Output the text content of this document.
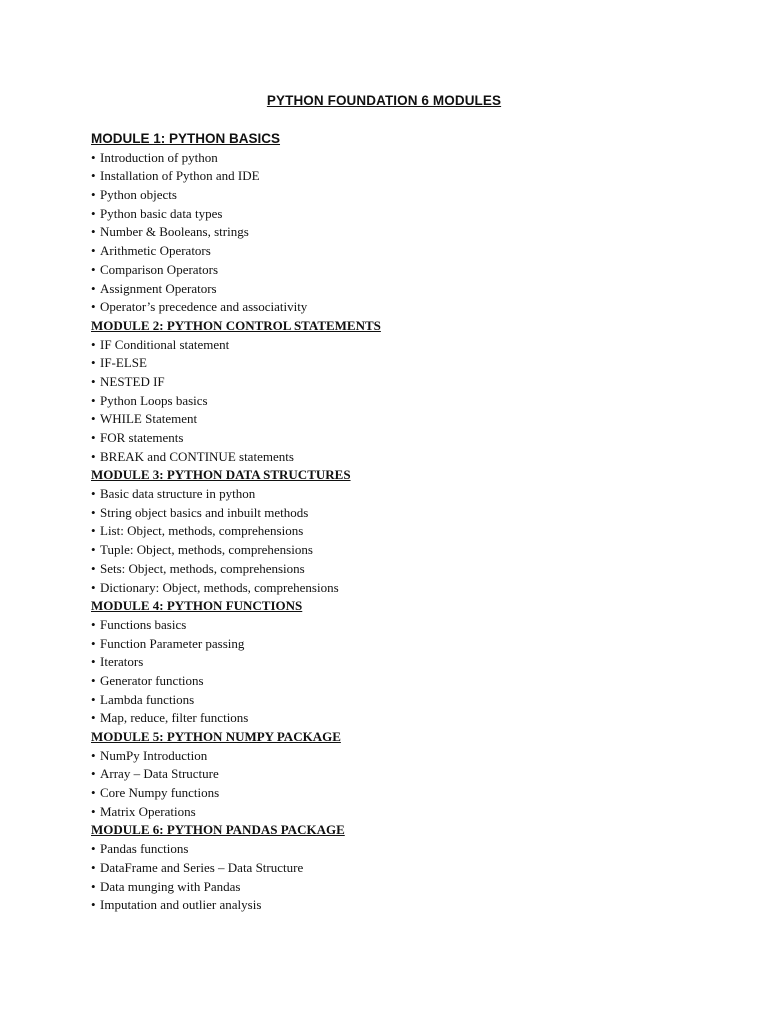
PYTHON FOUNDATION 6 MODULES
MODULE 1: PYTHON BASICS
• Introduction of python
• Installation of Python and IDE
• Python objects
• Python basic data types
• Number & Booleans, strings
• Arithmetic Operators
• Comparison Operators
• Assignment Operators
• Operator’s precedence and associativity
MODULE 2: PYTHON CONTROL STATEMENTS
• IF Conditional statement
• IF-ELSE
• NESTED IF
• Python Loops basics
• WHILE Statement
• FOR statements
• BREAK and CONTINUE statements
MODULE 3: PYTHON DATA STRUCTURES
• Basic data structure in python
• String object basics and inbuilt methods
• List: Object, methods, comprehensions
• Tuple: Object, methods, comprehensions
• Sets: Object, methods, comprehensions
• Dictionary: Object, methods, comprehensions
MODULE 4: PYTHON FUNCTIONS
• Functions basics
• Function Parameter passing
• Iterators
• Generator functions
• Lambda functions
• Map, reduce, filter functions
MODULE 5: PYTHON NUMPY PACKAGE
• NumPy Introduction
• Array – Data Structure
• Core Numpy functions
• Matrix Operations
MODULE 6: PYTHON PANDAS PACKAGE
• Pandas functions
• DataFrame and Series – Data Structure
• Data munging with Pandas
• Imputation and outlier analysis
